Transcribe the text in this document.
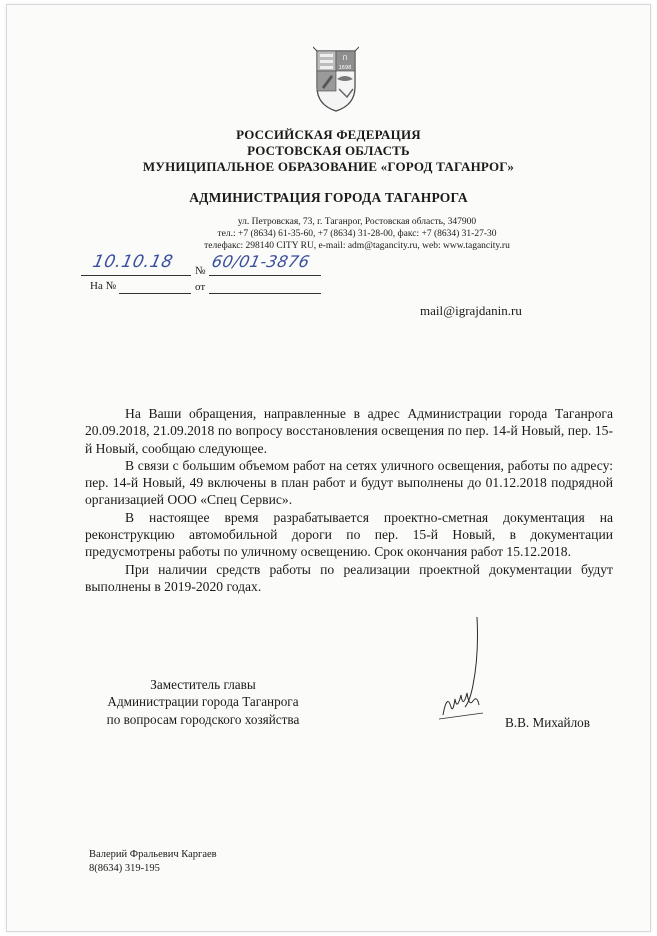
П
1698
РОССИЙСКАЯ ФЕДЕРАЦИЯ
РОСТОВСКАЯ ОБЛАСТЬ
МУНИЦИПАЛЬНОЕ ОБРАЗОВАНИЕ «ГОРОД ТАГАНРОГ»
АДМИНИСТРАЦИЯ ГОРОДА ТАГАНРОГА
ул. Петровская, 73, г. Таганрог, Ростовская область, 347900
тел.: +7 (8634) 61-35-60, +7 (8634) 31-28-00, факс: +7 (8634) 31-27-30
телефакс: 298140 CITY RU, e-mail: adm@tagancity.ru, web: www.tagancity.ru
10.10.18 № 60/01-3876
На №	от
mail@igrajdanin.ru

На Ваши обращения, направленные в адрес Администрации города Таганрога 20.09.2018, 21.09.2018 по вопросу восстановления освещения по пер. 14-й Новый, пер. 15-й Новый, сообщаю следующее.

В связи с большим объемом работ на сетях уличного освещения, работы по адресу: пер. 14-й Новый, 49 включены в план работ и будут выполнены до 01.12.2018 подрядной организацией ООО «Спец Сервис».

В настоящее время разрабатывается проектно-сметная документация на реконструкцию автомобильной дороги по пер. 15-й Новый, в документации предусмотрены работы по уличному освещению. Срок окончания работ 15.12.2018.

При наличии средств работы по реализации проектной документации будут выполнены в 2019-2020 годах.

Заместитель главы
Администрации города Таганрога
по вопросам городского хозяйства	В.В. Михайлов
Валерий Фральевич Каргаев
8(8634) 319-195
